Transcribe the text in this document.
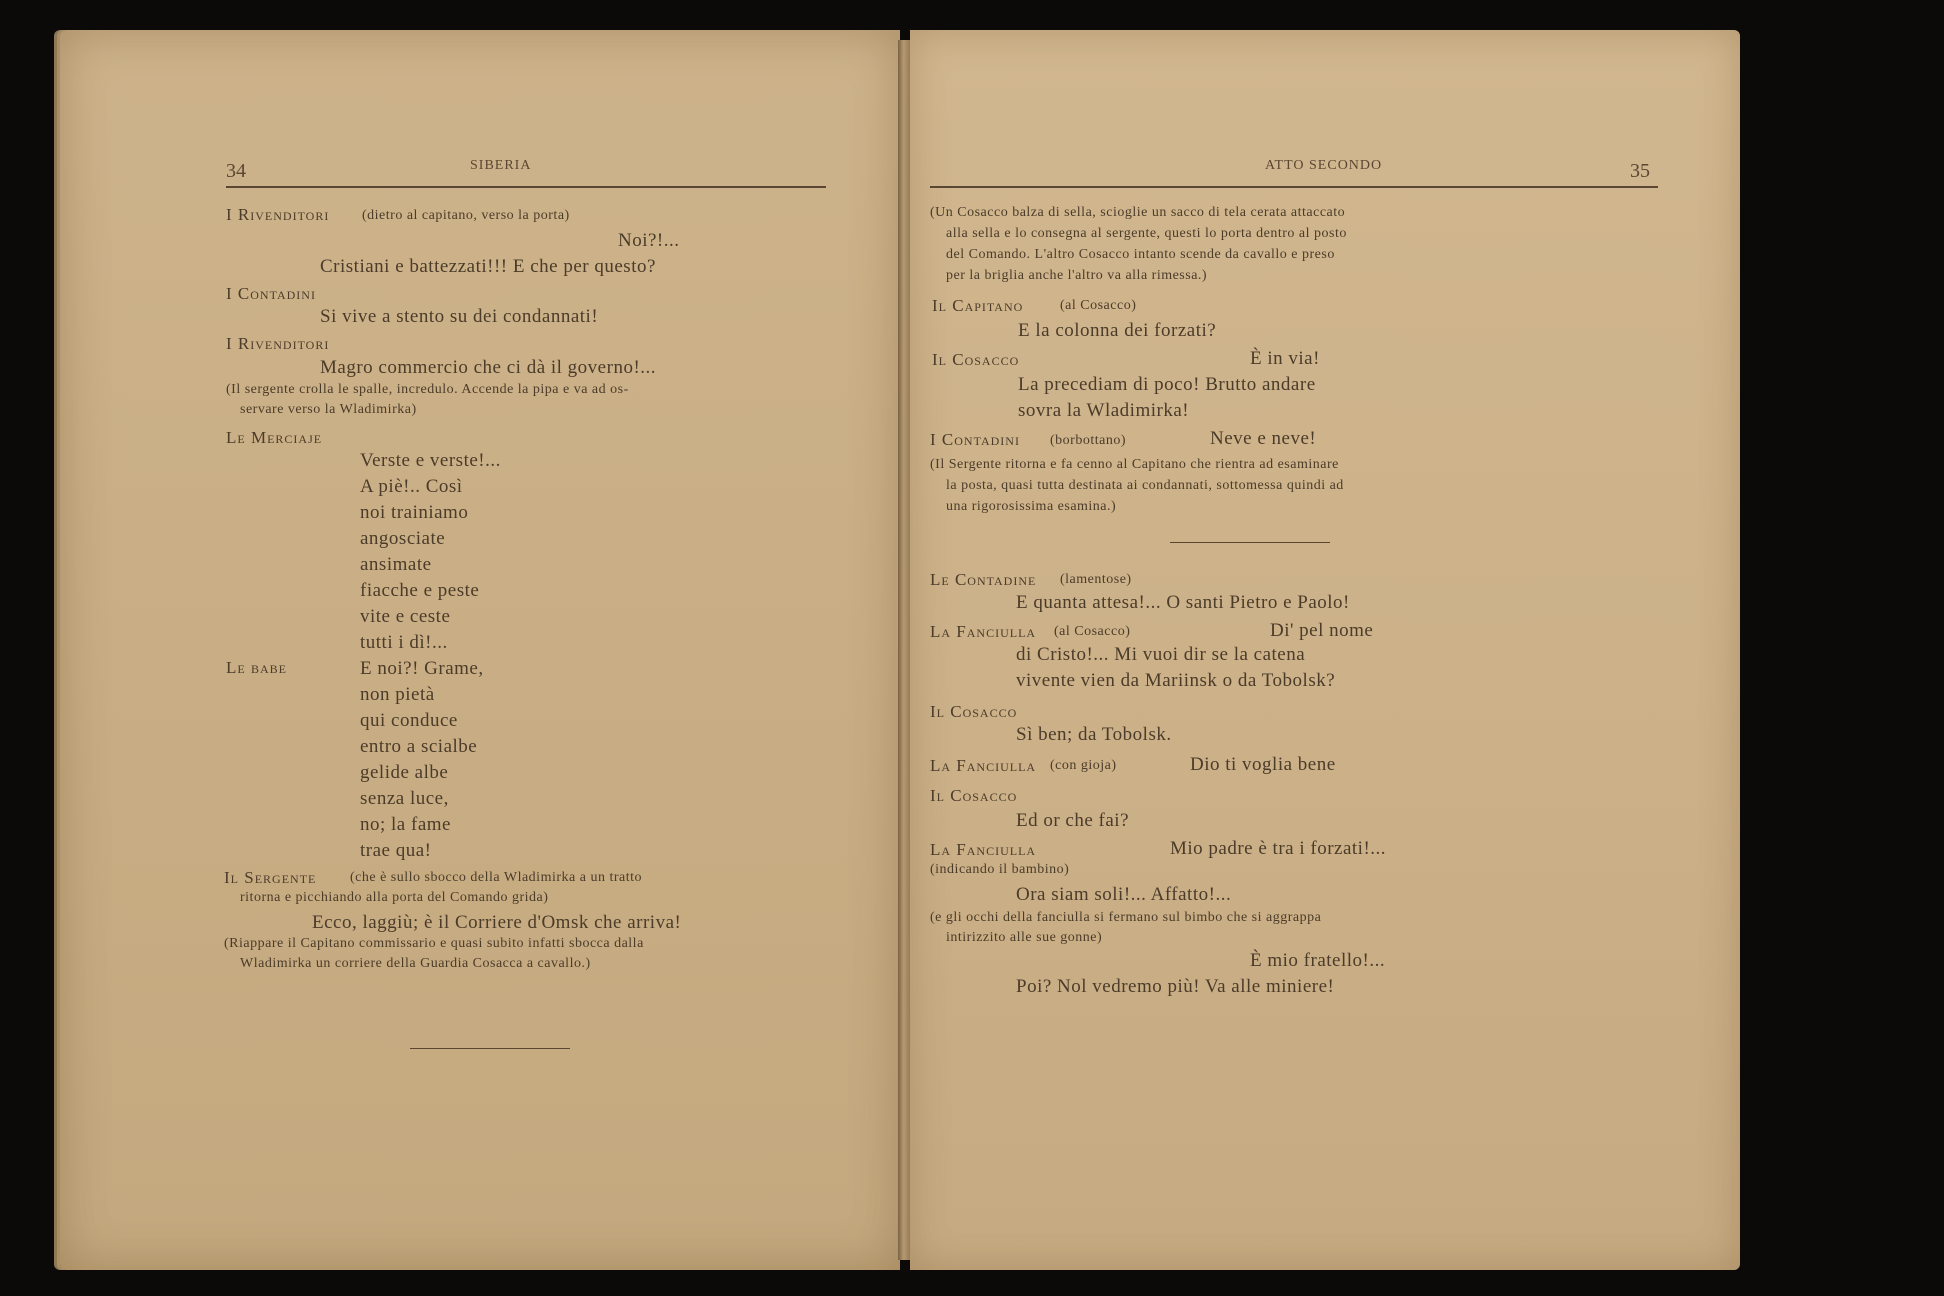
34	SIBERIA
I Rivenditori (dietro al capitano, verso la porta)
Noi?!...
Cristiani e battezzati!!! E che per questo?
I Contadini
Si vive a stento su dei condannati!
I Rivenditori
Magro commercio che ci dà il governo!...
(Il sergente crolla le spalle, incredulo. Accende la pipa e va ad os-
servare verso la Wladimirka)
Le Merciaje
Verste e verste!...
A piè!.. Così
noi trainiamo
angosciate
ansimate
fiacche e peste
vite e ceste
tutti i dì!...
Le babe	E noi?! Grame,
non pietà
qui conduce
entro a scialbe
gelide albe
senza luce,
no; la fame
trae qua!
Il Sergente (che è sullo sbocco della Wladimirka a un tratto
ritorna e picchiando alla porta del Comando grida)
Ecco, laggiù; è il Corriere d'Omsk che arriva!
(Riappare il Capitano commissario e quasi subito infatti sbocca dalla
Wladimirka un corriere della Guardia Cosacca a cavallo.)
ATTO SECONDO	35
(Un Cosacco balza di sella, scioglie un sacco di tela cerata attaccato
alla sella e lo consegna al sergente, questi lo porta dentro al posto
del Comando. L'altro Cosacco intanto scende da cavallo e preso
per la briglia anche l'altro va alla rimessa.)
Il Capitano	(al Cosacco)
E la colonna dei forzati?
Il Cosacco	È in via!
La precediam di poco! Brutto andare
sovra la Wladimirka!
I Contadini (borbottano)	Neve e neve!
(Il Sergente ritorna e fa cenno al Capitano che rientra ad esaminare
la posta, quasi tutta destinata ai condannati, sottomessa quindi ad
una rigorosissima esamina.)
Le Contadine (lamentose)
E quanta attesa!... O santi Pietro e Paolo!
La Fanciulla (al Cosacco)	Di' pel nome
di Cristo!... Mi vuoi dir se la catena
vivente vien da Mariinsk o da Tobolsk?
Il Cosacco
Sì ben; da Tobolsk.
La Fanciulla (con gioja)	Dio ti voglia bene
Il Cosacco
Ed or che fai?
La Fanciulla	Mio padre è tra i forzati!...
(indicando il bambino)
Ora siam soli!... Affatto!...
(e gli occhi della fanciulla si fermano sul bimbo che si aggrappa
intirizzito alle sue gonne)
È mio fratello!...
Poi? Nol vedremo più! Va alle miniere!
